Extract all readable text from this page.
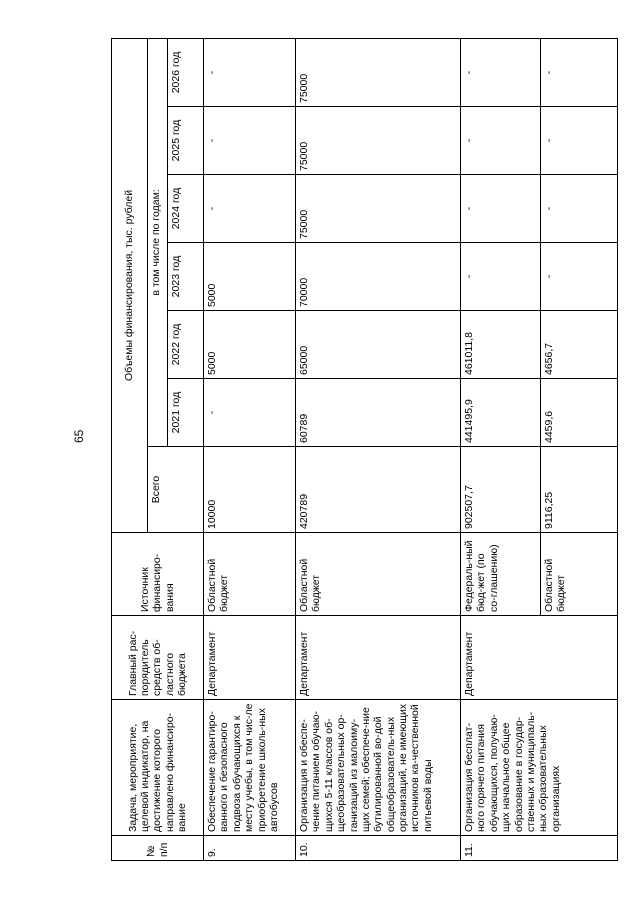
65
№ п/п	Задача, мероприятие, целевой индикатор, на достижение которого направлено финансиро-вание	Главный рас-порядитель средств об-ластного бюджета	Источник финансиро-вания	Объемы финансирования, тыс. рублей						
				Всего	в том числе по годам:					
					2021 год	2022 год	2023 год	2024 год	2025 год	2026 год
9.	Обеспечение гарантиро-ванного и безопасного подвоза обучающихся к месту учебы, в том чис-ле приобретение школь-ных автобусов	Департамент	Областной бюджет	10000	-	5000	5000	-	-	-
10.	Организация и обеспе-чение питанием обучаю-щихся 5-11 классов об-щеобразовательных ор-ганизаций из малоиму-щих семей; обеспече-ние бутилированной во-дой общеобразователь-ных организаций, не имеющих источников ка-чественной питьевой воды	Департамент	Областной бюджет	420789	60789	65000	70000	75000	75000	75000
11.	Организация бесплат-ного горячего питания обучающихся, получаю-щих начальное общее образование в государ-ственных и муниципаль-ных образовательных организациях	Департамент	Федераль-ный бюд-жет (по со-глашению)	902507,7	441495,9	461011,8	-	-	-	-
			Областной бюджет	9116,25	4459,6	4656,7	-	-	-	-
